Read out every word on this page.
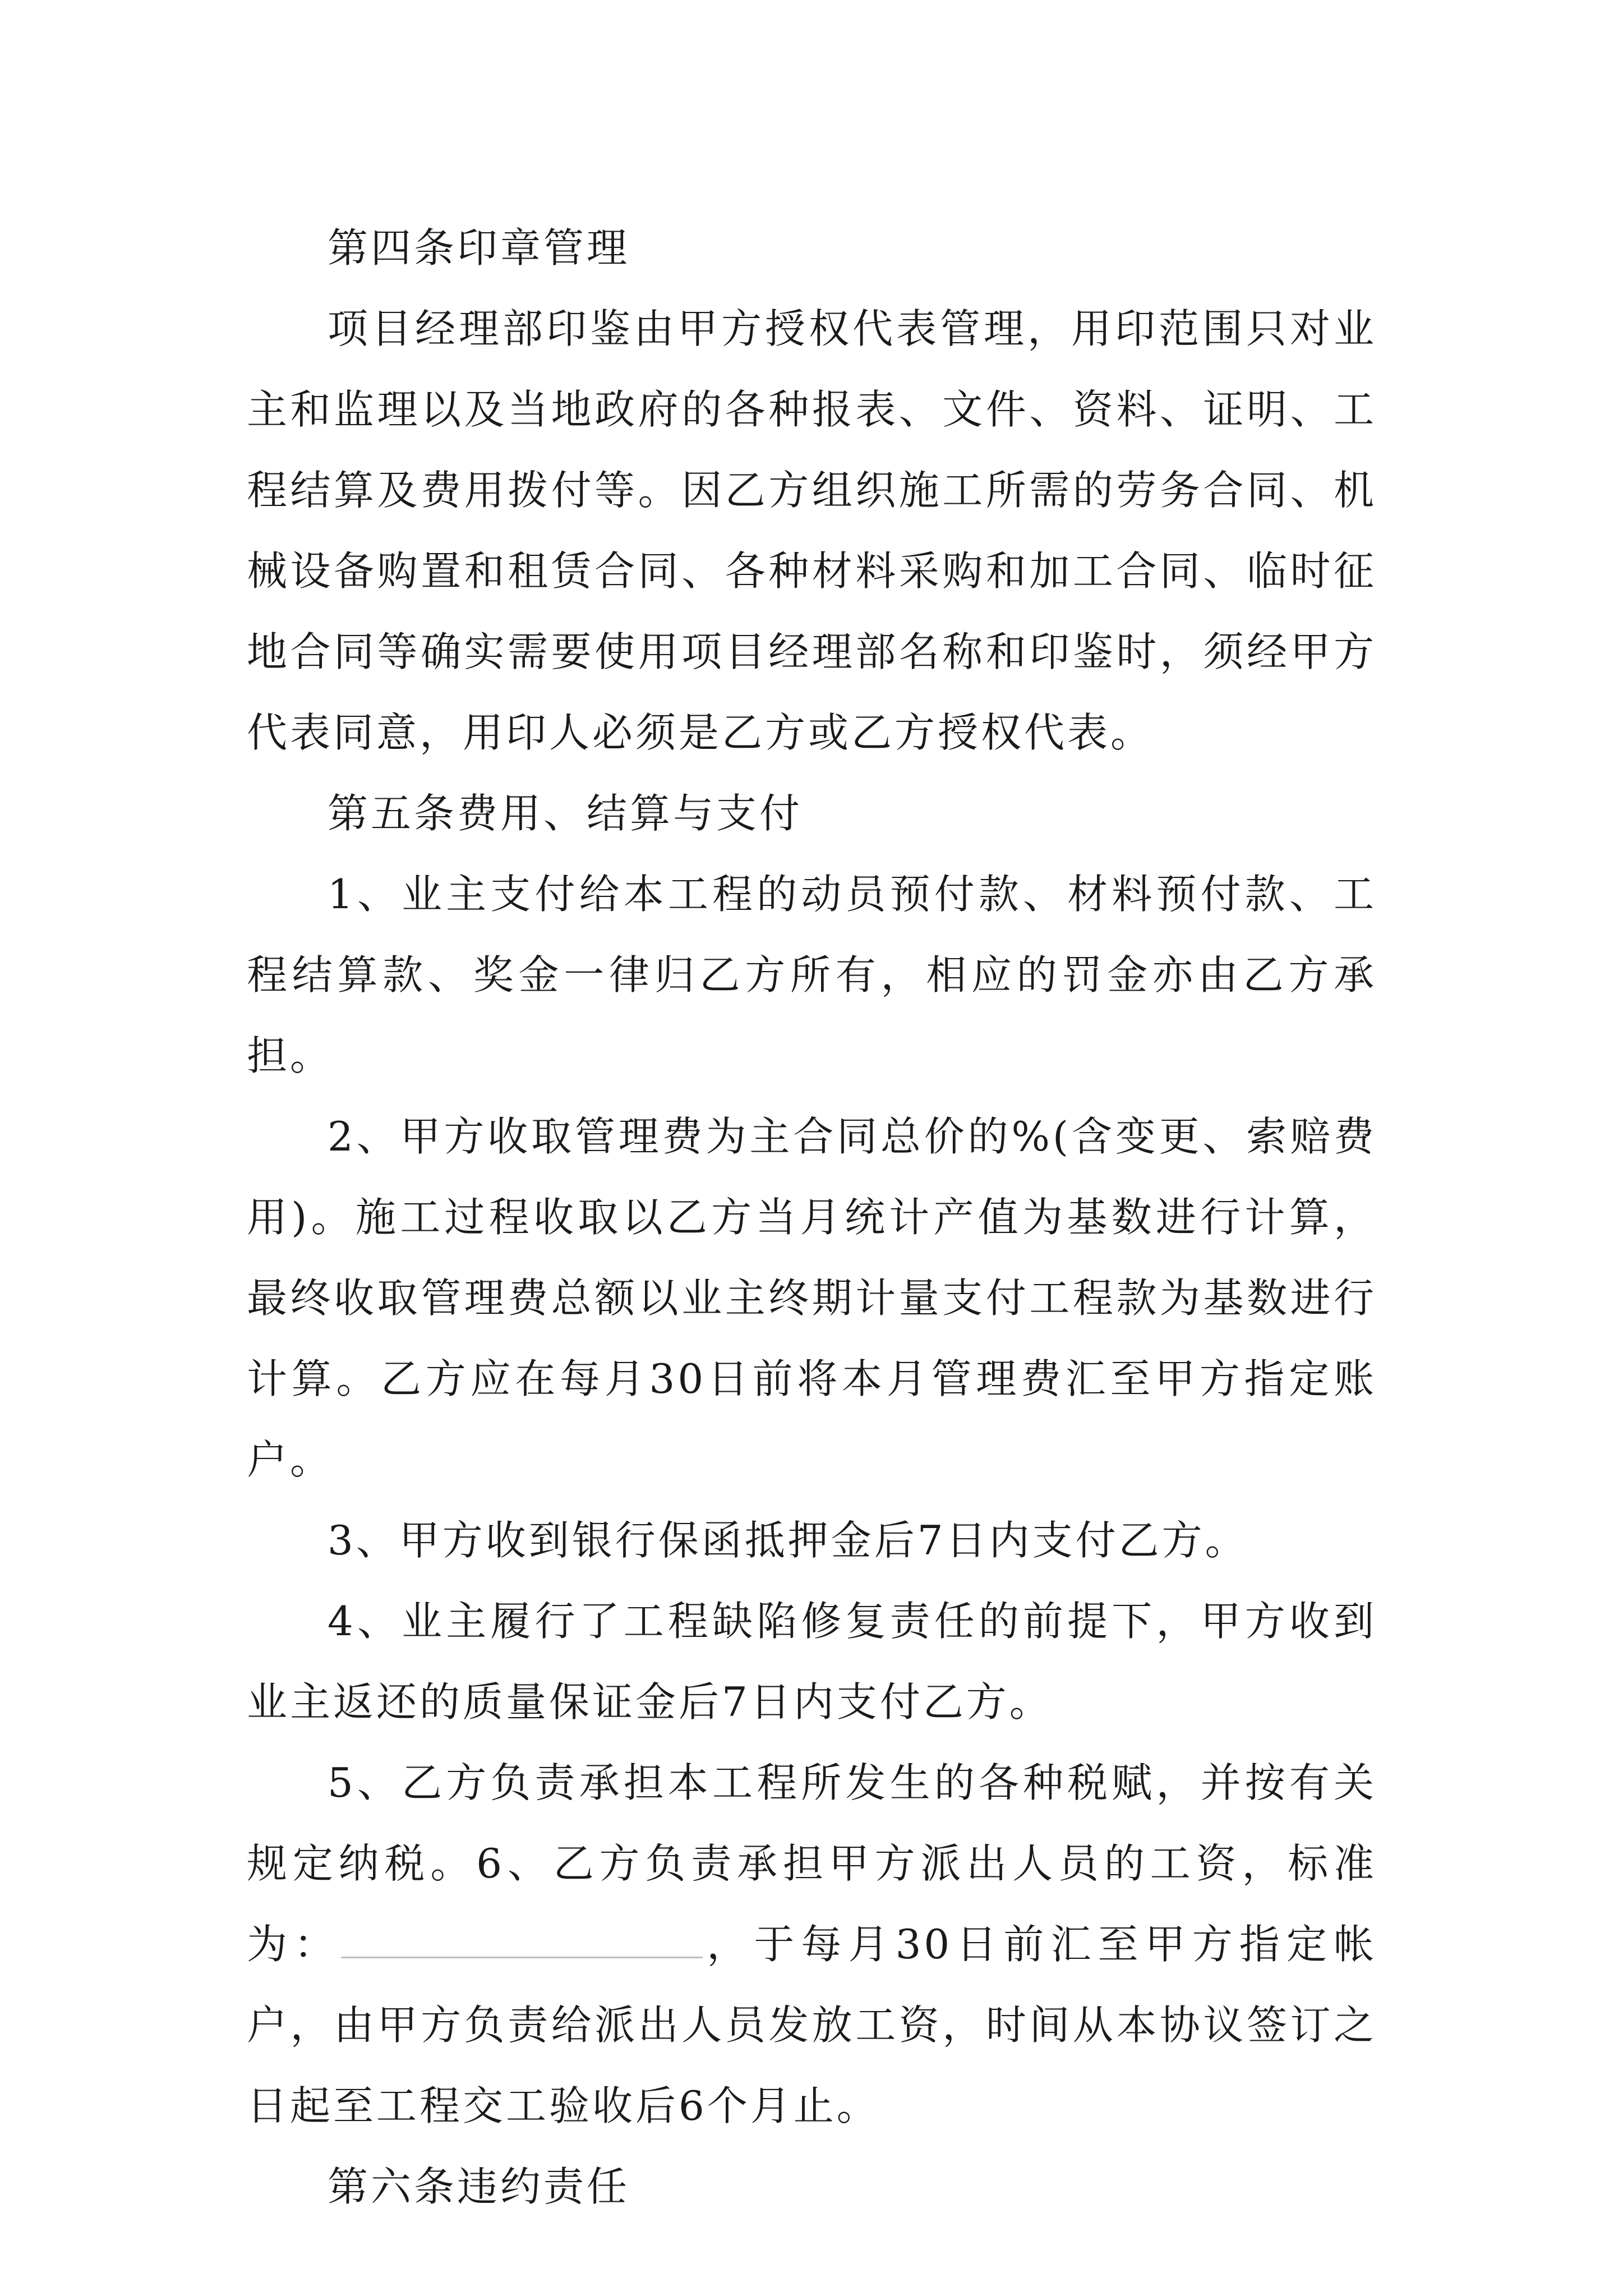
第四条印章管理

项目经理部印鉴由甲方授权代表管理，用印范围只对业主和监理以及当地政府的各种报表、文件、资料、证明、工程结算及费用拨付等。因乙方组织施工所需的劳务合同、机械设备购置和租赁合同、各种材料采购和加工合同、临时征地合同等确实需要使用项目经理部名称和印鉴时，须经甲方代表同意，用印人必须是乙方或乙方授权代表。

第五条费用、结算与支付

1、业主支付给本工程的动员预付款、材料预付款、工程结算款、奖金一律归乙方所有，相应的罚金亦由乙方承担。

2、甲方收取管理费为主合同总价的%(含变更、索赔费用)。施工过程收取以乙方当月统计产值为基数进行计算，最终收取管理费总额以业主终期计量支付工程款为基数进行计算。乙方应在每月30日前将本月管理费汇至甲方指定账户。

3、甲方收到银行保函抵押金后7日内支付乙方。

4、业主履行了工程缺陷修复责任的前提下，甲方收到业主返还的质量保证金后7日内支付乙方。

5、乙方负责承担本工程所发生的各种税赋，并按有关规定纳税。6、乙方负责承担甲方派出人员的工资，标准为：	，于每月30日前汇至甲方指定帐户，由甲方负责给派出人员发放工资，时间从本协议签订之日起至工程交工验收后6个月止。

第六条违约责任
